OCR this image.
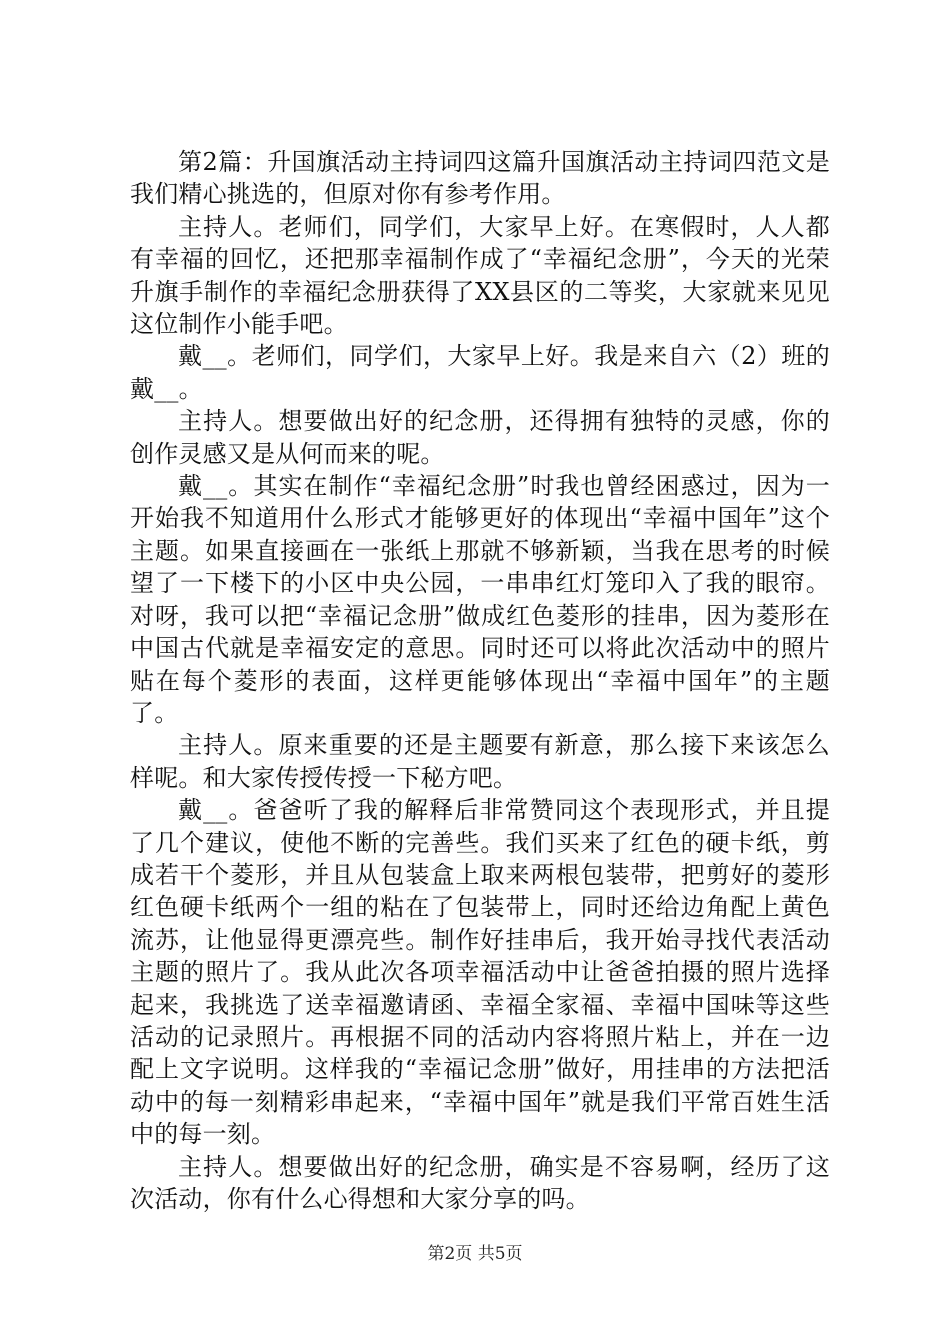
第2篇：升国旗活动主持词四这篇升国旗活动主持词四范文是我们精心挑选的，但原对你有参考作用。

主持人。老师们，同学们，大家早上好。在寒假时，人人都有幸福的回忆，还把那幸福制作成了“幸福纪念册”，今天的光荣升旗手制作的幸福纪念册获得了XX县区的二等奖，大家就来见见这位制作小能手吧。

戴__。老师们，同学们，大家早上好。我是来自六（2）班的戴__。

主持人。想要做出好的纪念册，还得拥有独特的灵感，你的创作灵感又是从何而来的呢。

戴__。其实在制作“幸福纪念册”时我也曾经困惑过，因为一开始我不知道用什么形式才能够更好的体现出“幸福中国年”这个主题。如果直接画在一张纸上那就不够新颖，当我在思考的时候望了一下楼下的小区中央公园，一串串红灯笼印入了我的眼帘。对呀，我可以把“幸福记念册”做成红色菱形的挂串，因为菱形在中国古代就是幸福安定的意思。同时还可以将此次活动中的照片贴在每个菱形的表面，这样更能够体现出“幸福中国年”的主题了。

主持人。原来重要的还是主题要有新意，那么接下来该怎么样呢。和大家传授传授一下秘方吧。

戴__。爸爸听了我的解释后非常赞同这个表现形式，并且提了几个建议，使他不断的完善些。我们买来了红色的硬卡纸，剪成若干个菱形，并且从包装盒上取来两根包装带，把剪好的菱形红色硬卡纸两个一组的粘在了包装带上，同时还给边角配上黄色流苏，让他显得更漂亮些。制作好挂串后，我开始寻找代表活动主题的照片了。我从此次各项幸福活动中让爸爸拍摄的照片选择起来，我挑选了送幸福邀请函、幸福全家福、幸福中国味等这些活动的记录照片。再根据不同的活动内容将照片粘上，并在一边配上文字说明。这样我的“幸福记念册”做好，用挂串的方法把活动中的每一刻精彩串起来，“幸福中国年”就是我们平常百姓生活中的每一刻。

主持人。想要做出好的纪念册，确实是不容易啊，经历了这次活动，你有什么心得想和大家分享的吗。

第2页 共5页
